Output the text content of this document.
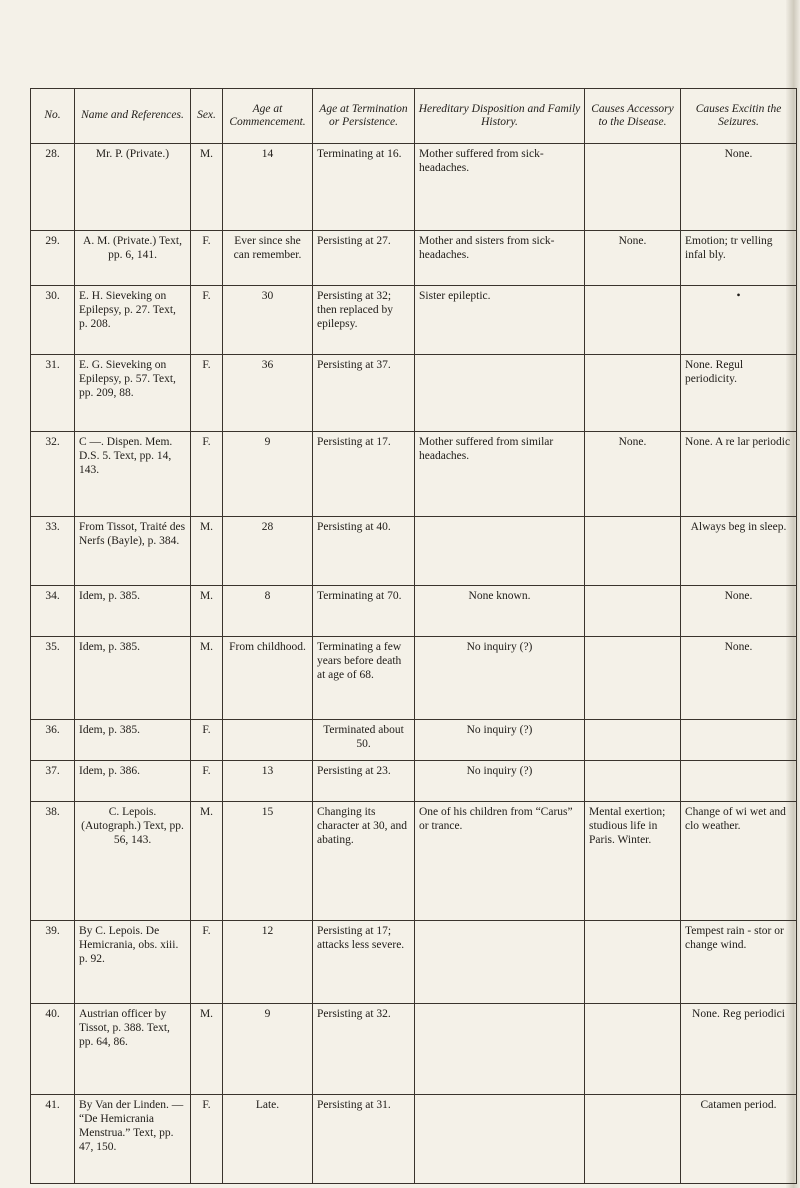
No.	Name and References.	Sex.	Age at Commencement.	Age at Termination or Persistence.	Hereditary Disposition and Family History.	Causes Accessory to the Disease.	Causes Excitin the Seizures.
28.	Mr. P. (Private.)	M.	14	Terminating at 16.	Mother suffered from sick-headaches.		None.
29.	A. M. (Private.) Text, pp. 6, 141.	F.	Ever since she can remember.	Persisting at 27.	Mother and sisters from sick-headaches.	None.	Emotion; tr velling infal bly.
30.	E. H. Sieveking on Epilepsy, p. 27. Text, p. 208.	F.	30	Persisting at 32; then replaced by epilepsy.	Sister epileptic.		•
31.	E. G. Sieveking on Epilepsy, p. 57. Text, pp. 209, 88.	F.	36	Persisting at 37.			None. Regul periodicity.
32.	C —. Dispen. Mem. D.S. 5. Text, pp. 14, 143.	F.	9	Persisting at 17.	Mother suffered from similar headaches.	None.	None. A re lar periodic
33.	From Tissot, Traité des Nerfs (Bayle), p. 384.	M.	28	Persisting at 40.			Always beg in sleep.
34.	Idem, p. 385.	M.	8	Terminating at 70.	None known.		None.
35.	Idem, p. 385.	M.	From childhood.	Terminating a few years before death at age of 68.	No inquiry (?)		None.
36.	Idem, p. 385.	F.		Terminated about 50.	No inquiry (?)		
37.	Idem, p. 386.	F.	13	Persisting at 23.	No inquiry (?)		
38.	C. Lepois. (Autograph.) Text, pp. 56, 143.	M.	15	Changing its character at 30, and abating.	One of his children from “Carus” or trance.	Mental exertion; studious life in Paris. Winter.	Change of wi wet and clo weather.
39.	By C. Lepois. De Hemicrania, obs. xiii. p. 92.	F.	12	Persisting at 17; attacks less severe.			Tempest rain - stor or change wind.
40.	Austrian officer by Tissot, p. 388. Text, pp. 64, 86.	M.	9	Persisting at 32.			None. Reg periodici
41.	By Van der Linden. — “De Hemicrania Menstrua.” Text, pp. 47, 150.	F.	Late.	Persisting at 31.			Catamen period.
